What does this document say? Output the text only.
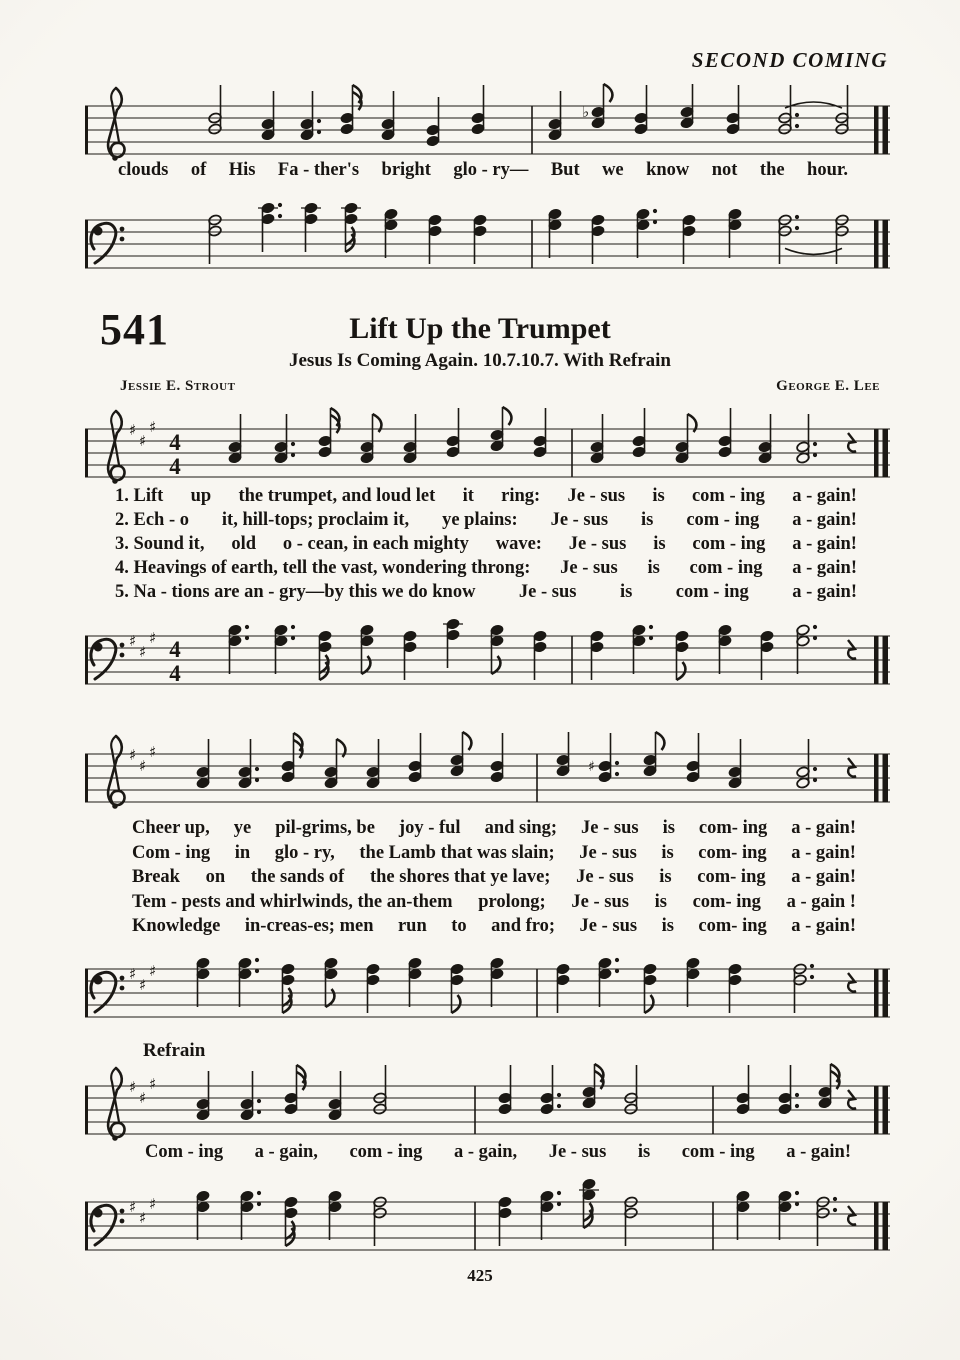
SECOND COMING
♭
clouds of His Fa - ther's bright glo - ry— But we know not the hour.
541	Lift Up the Trumpet
Jesus Is Coming Again. 10.7.10.7. With Refrain
Jessie E. Strout	George E. Lee
♯
♯
♯
4
4
1. Lift up the trumpet, and loud let it ring: Je - sus is com - ing a - gain!
2. Ech - o it, hill-tops; proclaim it, ye plains: Je - sus is com - ing a - gain!
3. Sound it, old o - cean, in each mighty wave: Je - sus is com - ing a - gain!
4. Heavings of earth, tell the vast, wondering throng: Je - sus is com - ing a - gain!
5. Na - tions are an - gry—by this we do know Je - sus is com - ing a - gain!
♯
♯
♯ 4
4
♯
♯
♯
♯
Cheer up, ye pil-grims, be joy - ful and sing; Je - sus is com- ing a - gain!
Com - ing in glo - ry, the Lamb that was slain; Je - sus is com- ing a - gain!
Break on the sands of the shores that ye lave; Je - sus is com- ing a - gain!
Tem - pests and whirlwinds, the an-them prolong; Je - sus is com- ing a - gain !
Knowledge in-creas-es; men run to and fro; Je - sus is com- ing a - gain!
♯
♯
♯
Refrain
♯
♯
♯
Com - ing a - gain, com - ing a - gain, Je - sus is com - ing a - gain!
♯
♯
♯
425
